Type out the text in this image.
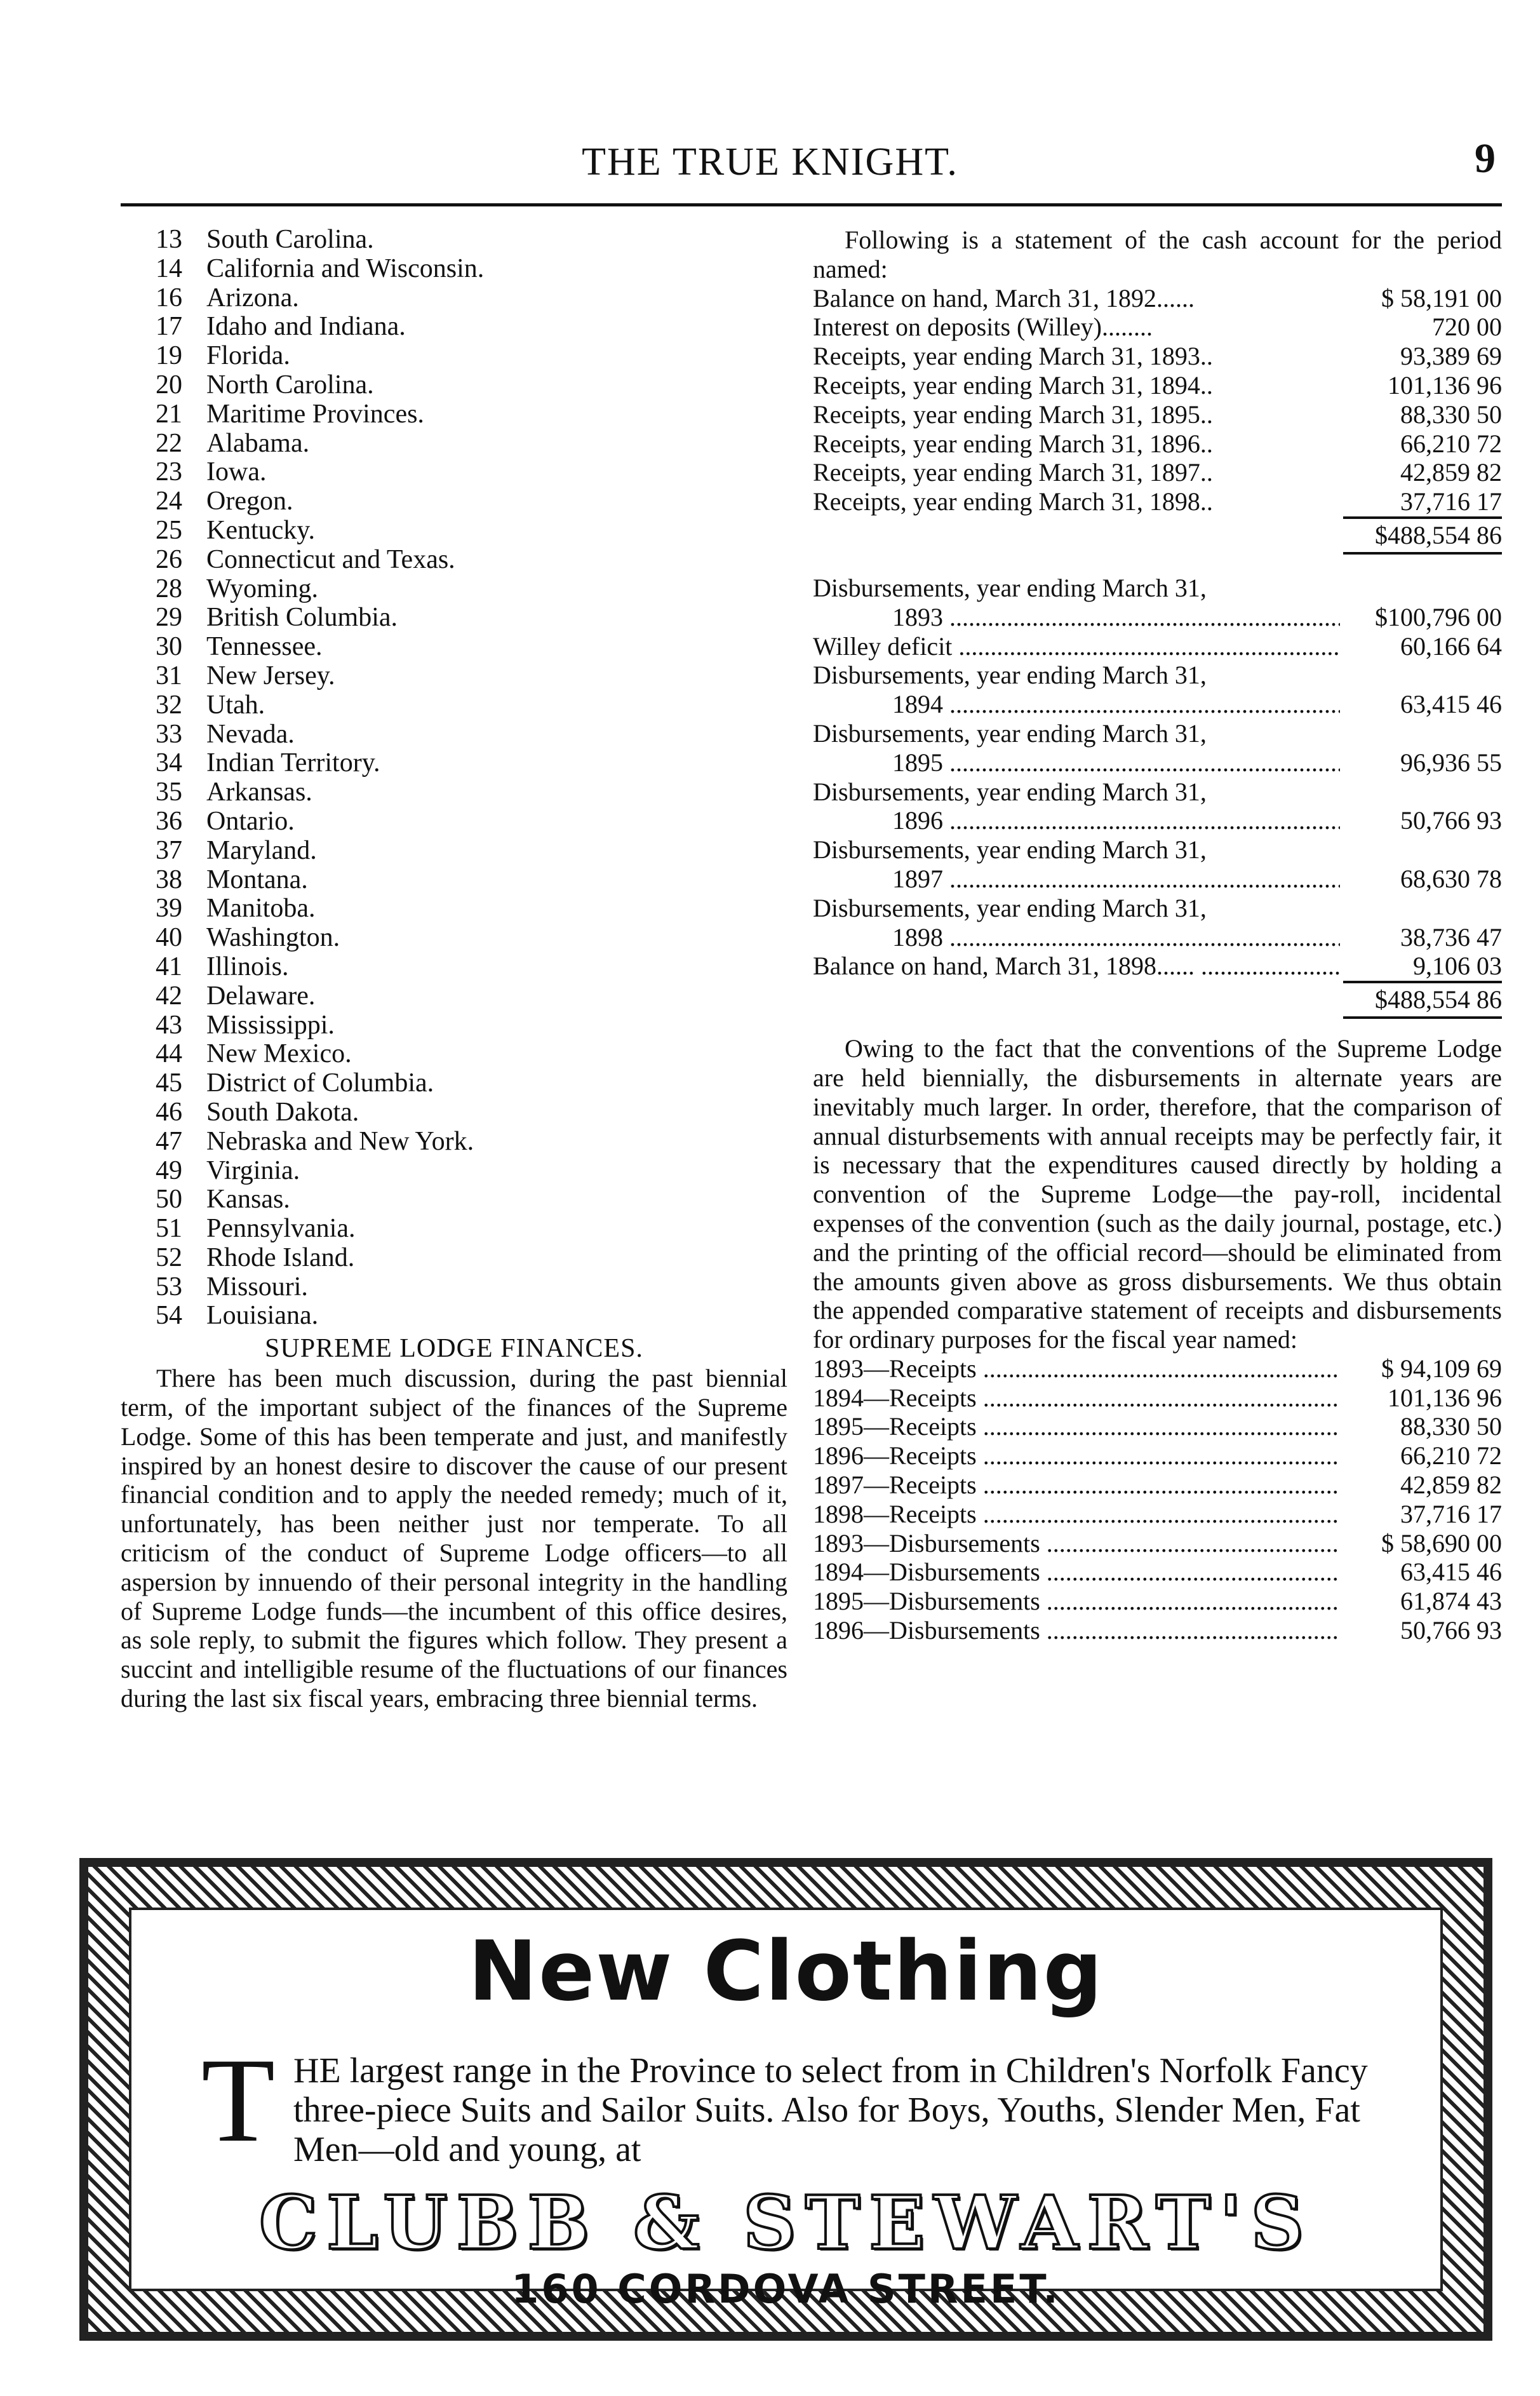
THE TRUE KNIGHT.	9
13 South Carolina.
14 California and Wisconsin.
16 Arizona.
17 Idaho and Indiana.
19 Florida.
20 North Carolina.
21 Maritime Provinces.
22 Alabama.
23 Iowa.
24 Oregon.
25 Kentucky.
26 Connecticut and Texas.
28 Wyoming.
29 British Columbia.
30 Tennessee.
31 New Jersey.
32 Utah.
33 Nevada.
34 Indian Territory.
35 Arkansas.
36 Ontario.
37 Maryland.
38 Montana.
39 Manitoba.
40 Washington.
41 Illinois.
42 Delaware.
43 Mississippi.
44 New Mexico.
45 District of Columbia.
46 South Dakota.
47 Nebraska and New York.
49 Virginia.
50 Kansas.
51 Pennsylvania.
52 Rhode Island.
53 Missouri.
54 Louisiana.
SUPREME LODGE FINANCES.

There has been much discussion, during the past biennial term, of the important subject of the finances of the Supreme Lodge. Some of this has been temperate and just, and manifestly inspired by an honest desire to discover the cause of our present financial condition and to apply the needed remedy; much of it, unfortunately, has been neither just nor temperate. To all criticism of the conduct of Supreme Lodge officers—to all aspersion by innuendo of their personal integrity in the handling of Supreme Lodge funds—the incumbent of this office desires, as sole reply, to submit the figures which follow. They present a succint and intelligible resume of the fluctuations of our finances during the last six fiscal years, embracing three biennial terms.

Following is a statement of the cash account for the period named:

Balance on hand, March 31, 1892......	$ 58,191 00
Interest on deposits (Willey)........	720 00
Receipts, year ending March 31, 1893..	93,389 69
Receipts, year ending March 31, 1894..	101,136 96
Receipts, year ending March 31, 1895..	88,330 50
Receipts, year ending March 31, 1896..	66,210 72
Receipts, year ending March 31, 1897..	42,859 82
Receipts, year ending March 31, 1898..	37,716 17
$488,554 86
Disbursements, year ending March 31,
1893 .....	$100,796 00
Willey deficit .....	60,166 64
Disbursements, year ending March 31,
1894 .....	63,415 46
Disbursements, year ending March 31,
1895 .....	96,936 55
Disbursements, year ending March 31,
1896 .....	50,766 93
Disbursements, year ending March 31,
1897 .....	68,630 78
Disbursements, year ending March 31,
1898 .....	38,736 47
Balance on hand, March 31, 1898...... .....	9,106 03
$488,554 86

Owing to the fact that the conventions of the Supreme Lodge are held biennially, the disbursements in alternate years are inevitably much larger. In order, therefore, that the comparison of annual disturbsements with annual receipts may be perfectly fair, it is necessary that the expenditures caused directly by holding a convention of the Supreme Lodge—the pay-roll, incidental expenses of the convention (such as the daily journal, postage, etc.) and the printing of the official record—should be eliminated from the amounts given above as gross disbursements. We thus obtain the appended comparative statement of receipts and disbursements for ordinary purposes for the fiscal year named:

1893—Receipts .....	$ 94,109 69
1894—Receipts .....	101,136 96
1895—Receipts .....	88,330 50
1896—Receipts .....	66,210 72
1897—Receipts .....	42,859 82
1898—Receipts .....	37,716 17
1893—Disbursements .....	$ 58,690 00
1894—Disbursements .....	63,415 46
1895—Disbursements .....	61,874 43
1896—Disbursements .....	50,766 93
New Clothing
T HE largest range in the Province to select from in Children's Norfolk Fancy three-piece Suits and Sailor Suits. Also for Boys, Youths, Slender Men, Fat Men—old and young, at
CLUBB & STEWART'S
160 CORDOVA STREET.
